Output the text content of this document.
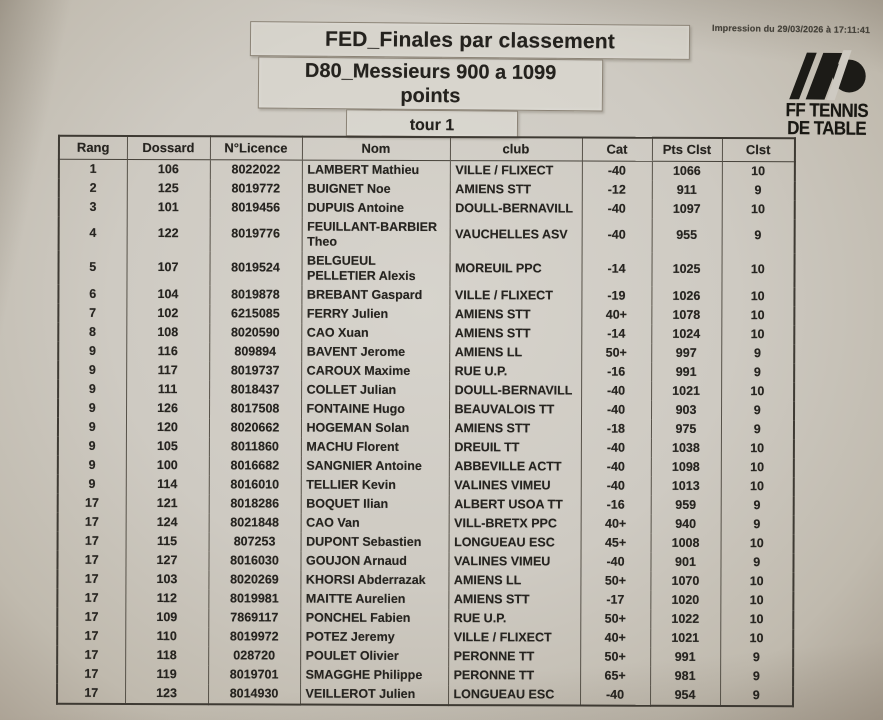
Impression du 29/03/2026 à 17:11:41
FED_Finales par classement
D80_Messieurs 900 a 1099
points
tour 1
FF TENNIS
DE TABLE
Rang	Dossard	N°Licence	Nom	club	Cat	Pts Clst	Clst
1	106	8022022	LAMBERT Mathieu	VILLE / FLIXECT	-40	1066	10
2	125	8019772	BUIGNET Noe	AMIENS STT	-12	911	9
3	101	8019456	DUPUIS Antoine	DOULL-BERNAVILL	-40	1097	10
4	122	8019776	FEUILLANT-BARBIER Theo	VAUCHELLES ASV	-40	955	9
5	107	8019524	BELGUEUL PELLETIER Alexis	MOREUIL PPC	-14	1025	10
6	104	8019878	BREBANT Gaspard	VILLE / FLIXECT	-19	1026	10
7	102	6215085	FERRY Julien	AMIENS STT	40+	1078	10
8	108	8020590	CAO Xuan	AMIENS STT	-14	1024	10
9	116	809894	BAVENT Jerome	AMIENS LL	50+	997	9
9	117	8019737	CAROUX Maxime	RUE U.P.	-16	991	9
9	111	8018437	COLLET Julian	DOULL-BERNAVILL	-40	1021	10
9	126	8017508	FONTAINE Hugo	BEAUVALOIS TT	-40	903	9
9	120	8020662	HOGEMAN Solan	AMIENS STT	-18	975	9
9	105	8011860	MACHU Florent	DREUIL TT	-40	1038	10
9	100	8016682	SANGNIER Antoine	ABBEVILLE ACTT	-40	1098	10
9	114	8016010	TELLIER Kevin	VALINES VIMEU	-40	1013	10
17	121	8018286	BOQUET Ilian	ALBERT USOA TT	-16	959	9
17	124	8021848	CAO Van	VILL-BRETX PPC	40+	940	9
17	115	807253	DUPONT Sebastien	LONGUEAU ESC	45+	1008	10
17	127	8016030	GOUJON Arnaud	VALINES VIMEU	-40	901	9
17	103	8020269	KHORSI Abderrazak	AMIENS LL	50+	1070	10
17	112	8019981	MAITTE Aurelien	AMIENS STT	-17	1020	10
17	109	7869117	PONCHEL Fabien	RUE U.P.	50+	1022	10
17	110	8019972	POTEZ Jeremy	VILLE / FLIXECT	40+	1021	10
17	118	028720	POULET Olivier	PERONNE TT	50+	991	9
17	119	8019701	SMAGGHE Philippe	PERONNE TT	65+	981	9
17	123	8014930	VEILLEROT Julien	LONGUEAU ESC	-40	954	9
